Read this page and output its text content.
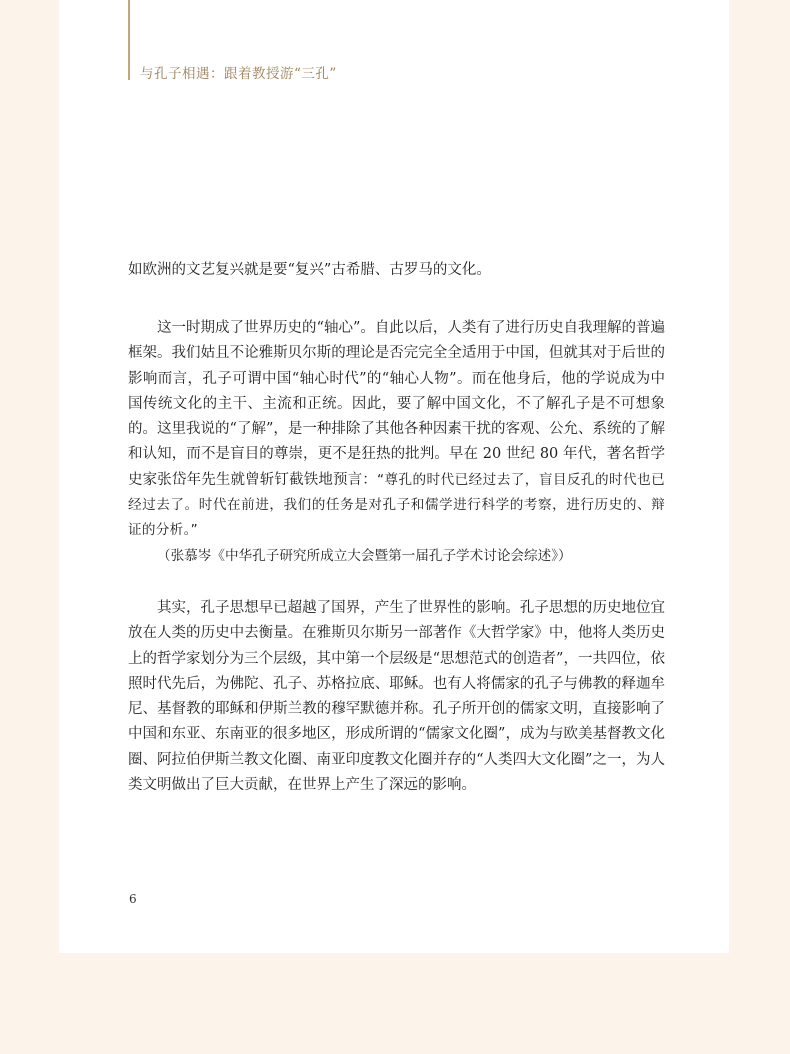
与孔子相遇：跟着教授游“三孔”

如欧洲的文艺复兴就是要“复兴”古希腊、古罗马的文化。

这一时期成了世界历史的“轴心”。自此以后，人类有了进行历史自我理解的普遍框架。我们姑且不论雅斯贝尔斯的理论是否完完全全适用于中国，但就其对于后世的影响而言，孔子可谓中国“轴心时代”的“轴心人物”。而在他身后，他的学说成为中国传统文化的主干、主流和正统。因此，要了解中国文化，不了解孔子是不可想象的。这里我说的“了解”，是一种排除了其他各种因素干扰的客观、公允、系统的了解和认知，而不是盲目的尊崇，更不是狂热的批判。早在 20 世纪 80 年代，著名哲学史家张岱年先生就曾斩钉截铁地预言：“尊孔的时代已经过去了，盲目反孔的时代也已经过去了。时代在前进，我们的任务是对孔子和儒学进行科学的考察，进行历史的、辩证的分析。”
（张慕岑《中华孔子研究所成立大会暨第一届孔子学术讨论会综述》）

其实，孔子思想早已超越了国界，产生了世界性的影响。孔子思想的历史地位宜放在人类的历史中去衡量。在雅斯贝尔斯另一部著作《大哲学家》中，他将人类历史上的哲学家划分为三个层级，其中第一个层级是“思想范式的创造者”，一共四位，依照时代先后，为佛陀、孔子、苏格拉底、耶稣。也有人将儒家的孔子与佛教的释迦牟尼、基督教的耶稣和伊斯兰教的穆罕默德并称。孔子所开创的儒家文明，直接影响了中国和东亚、东南亚的很多地区，形成所谓的“儒家文化圈”，成为与欧美基督教文化圈、阿拉伯伊斯兰教文化圈、南亚印度教文化圈并存的“人类四大文化圈”之一，为人类文明做出了巨大贡献，在世界上产生了深远的影响。

6
